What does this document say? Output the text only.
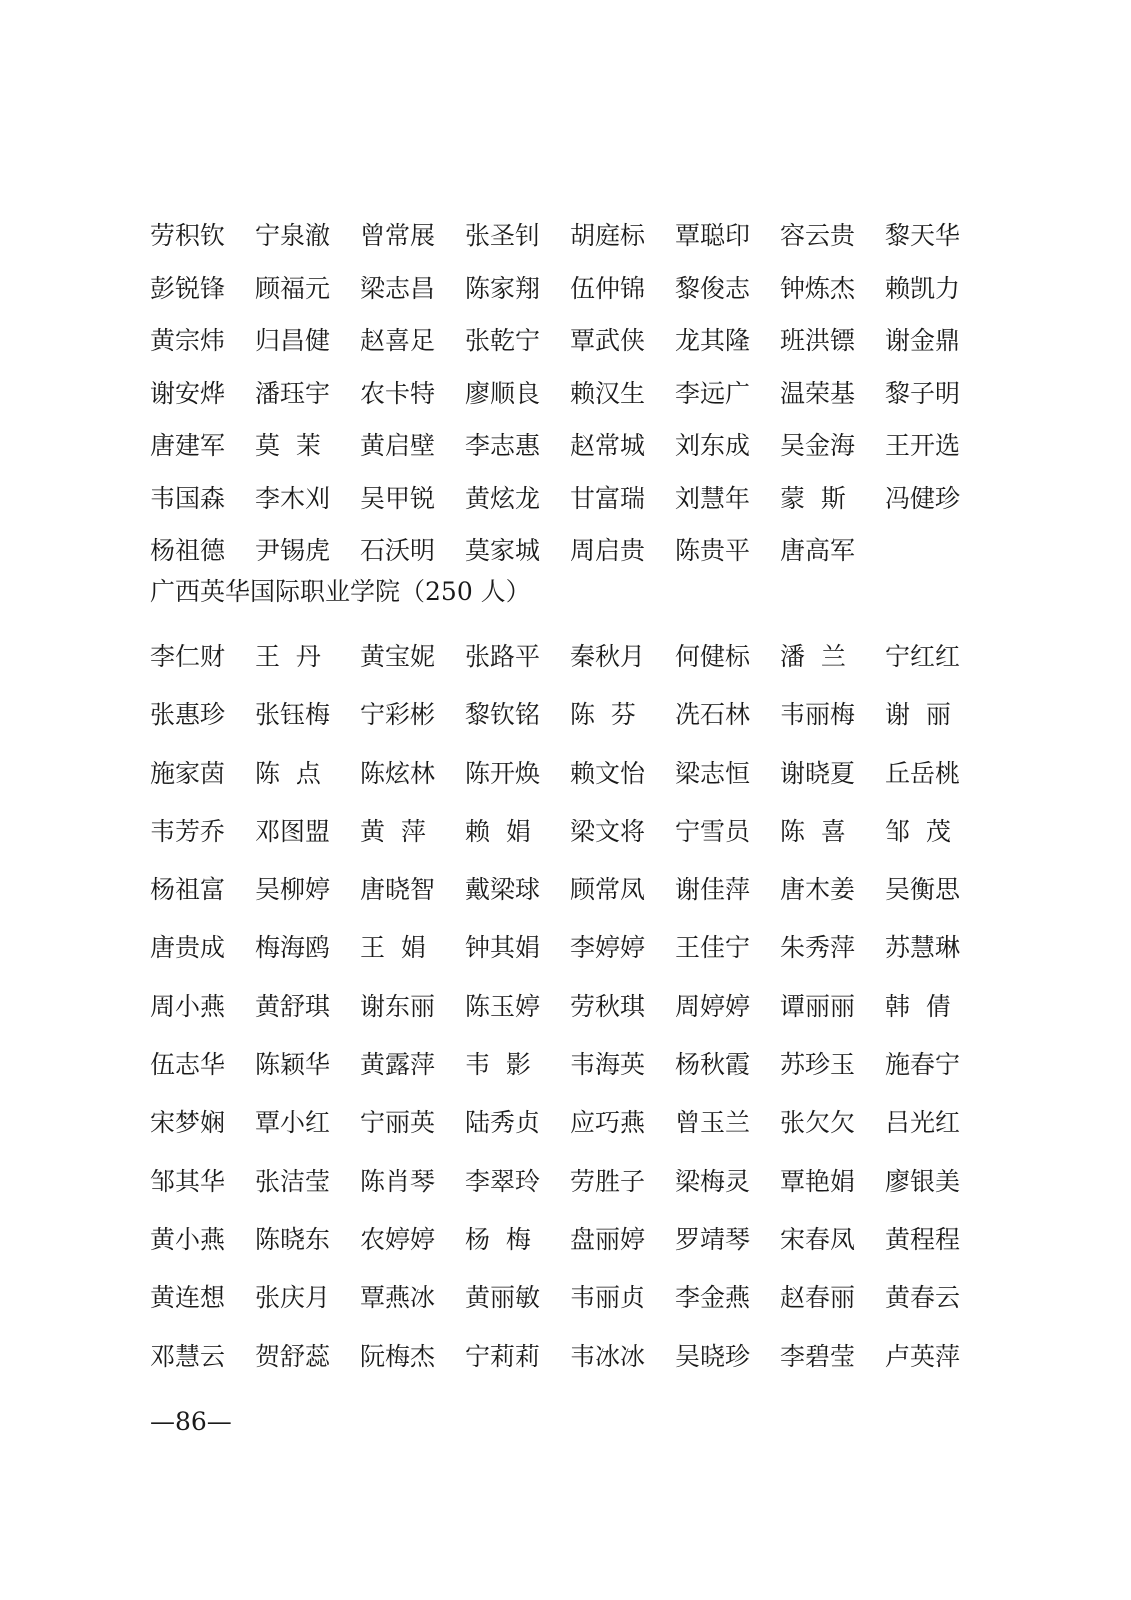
劳积钦	宁泉澈	曾常展	张圣钊	胡庭标	覃聪印	容云贵	黎天华
彭锐锋	顾福元	梁志昌	陈家翔	伍仲锦	黎俊志	钟炼杰	赖凯力
黄宗炜	归昌健	赵喜足	张乾宁	覃武侠	龙其隆	班洪镖	谢金鼎
谢安烨	潘珏宇	农卡特	廖顺良	赖汉生	李远广	温荣基	黎子明
唐建军	莫  茉	黄启壁	李志惠	赵常城	刘东成	吴金海	王开选
韦国森	李木刈	吴甲锐	黄炫龙	甘富瑞	刘慧年	蒙  斯	冯健珍
杨祖德	尹锡虎	石沃明	莫家城	周启贵	陈贵平	唐高军
广西英华国际职业学院（250 人）
李仁财	王  丹	黄宝妮	张路平	秦秋月	何健标	潘  兰	宁红红
张惠珍	张钰梅	宁彩彬	黎钦铭	陈  芬	冼石林	韦丽梅	谢  丽
施家茵	陈  点	陈炫林	陈开焕	赖文怡	梁志恒	谢晓夏	丘岳桃
韦芳乔	邓图盟	黄  萍	赖  娟	梁文将	宁雪员	陈  喜	邹  茂
杨祖富	吴柳婷	唐晓智	戴梁球	顾常凤	谢佳萍	唐木姜	吴衡思
唐贵成	梅海鸥	王  娟	钟其娟	李婷婷	王佳宁	朱秀萍	苏慧琳
周小燕	黄舒琪	谢东丽	陈玉婷	劳秋琪	周婷婷	谭丽丽	韩  倩
伍志华	陈颖华	黄露萍	韦  影	韦海英	杨秋霞	苏珍玉	施春宁
宋梦娴	覃小红	宁丽英	陆秀贞	应巧燕	曾玉兰	张欠欠	吕光红
邹其华	张洁莹	陈肖琴	李翠玲	劳胜子	梁梅灵	覃艳娟	廖银美
黄小燕	陈晓东	农婷婷	杨  梅	盘丽婷	罗靖琴	宋春凤	黄程程
黄连想	张庆月	覃燕冰	黄丽敏	韦丽贞	李金燕	赵春丽	黄春云
邓慧云	贺舒蕊	阮梅杰	宁莉莉	韦冰冰	吴晓珍	李碧莹	卢英萍
—86—
